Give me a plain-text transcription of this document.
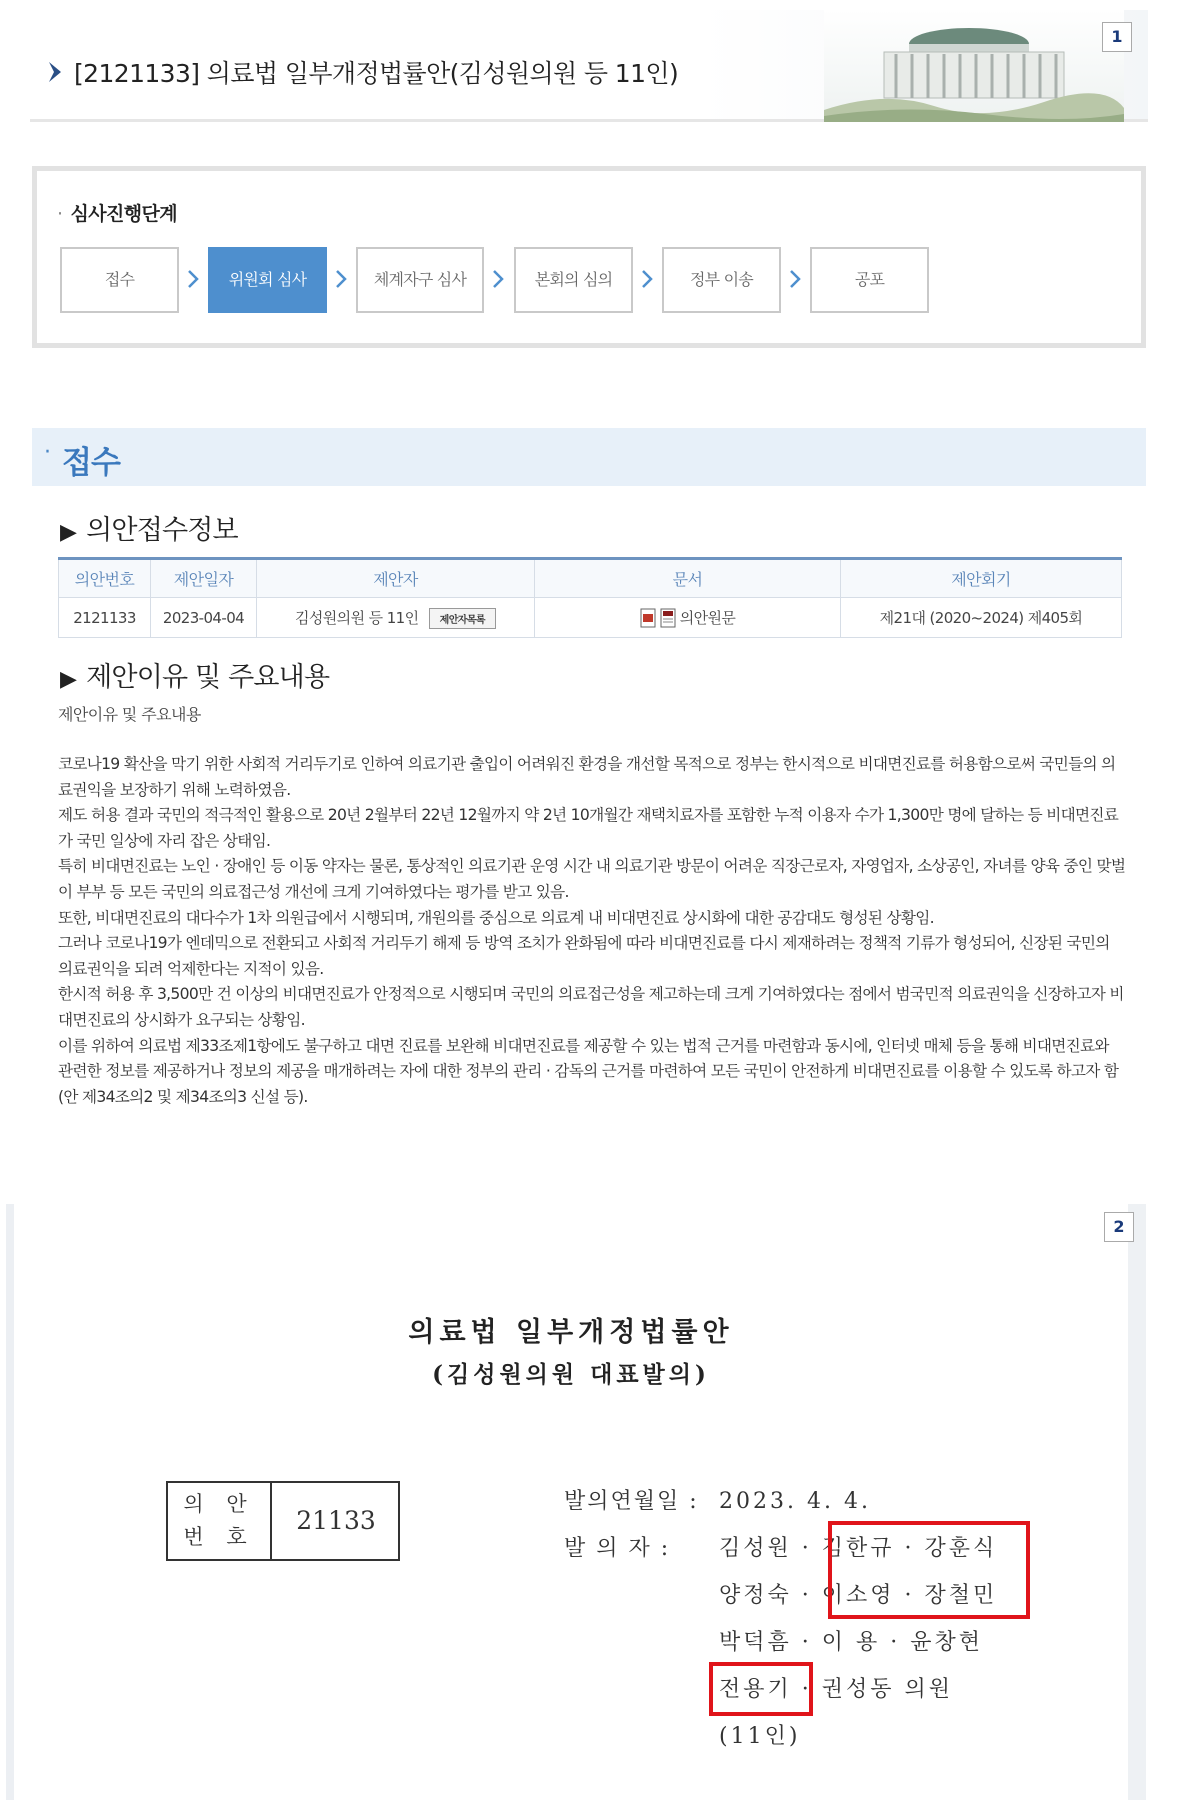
[2121133] 의료법 일부개정법률안(김성원의원 등 11인)
1
· 심사진행단계
접수	위원회 심사	체계자구 심사	본회의 심의	정부 이송	공포
· 접수
▶ 의안접수정보
의안번호	제안일자	제안자	문서	제안회기
2121133	2023-04-04	김성원의원 등 11인 제안자목록	의안원문	제21대 (2020~2024) 제405회
▶ 제안이유 및 주요내용
제안이유 및 주요내용

코로나19 확산을 막기 위한 사회적 거리두기로 인하여 의료기관 출입이 어려워진 환경을 개선할 목적으로 정부는 한시적으로 비대면진료를 허용함으로써 국민들의 의료권익을 보장하기 위해 노력하였음.

제도 허용 결과 국민의 적극적인 활용으로 20년 2월부터 22년 12월까지 약 2년 10개월간 재택치료자를 포함한 누적 이용자 수가 1,300만 명에 달하는 등 비대면진료가 국민 일상에 자리 잡은 상태임.

특히 비대면진료는 노인 · 장애인 등 이동 약자는 물론, 통상적인 의료기관 운영 시간 내 의료기관 방문이 어려운 직장근로자, 자영업자, 소상공인, 자녀를 양육 중인 맞벌이 부부 등 모든 국민의 의료접근성 개선에 크게 기여하였다는 평가를 받고 있음.

또한, 비대면진료의 대다수가 1차 의원급에서 시행되며, 개원의를 중심으로 의료계 내 비대면진료 상시화에 대한 공감대도 형성된 상황임.

그러나 코로나19가 엔데믹으로 전환되고 사회적 거리두기 해제 등 방역 조치가 완화됨에 따라 비대면진료를 다시 제재하려는 정책적 기류가 형성되어, 신장된 국민의 의료권익을 되려 억제한다는 지적이 있음.

한시적 허용 후 3,500만 건 이상의 비대면진료가 안정적으로 시행되며 국민의 의료접근성을 제고하는데 크게 기여하였다는 점에서 범국민적 의료권익을 신장하고자 비대면진료의 상시화가 요구되는 상황임.

이를 위하여 의료법 제33조제1항에도 불구하고 대면 진료를 보완해 비대면진료를 제공할 수 있는 법적 근거를 마련함과 동시에, 인터넷 매체 등을 통해 비대면진료와 관련한 정보를 제공하거나 정보의 제공을 매개하려는 자에 대한 정부의 관리 · 감독의 근거를 마련하여 모든 국민이 안전하게 비대면진료를 이용할 수 있도록 하고자 함(안 제34조의2 및 제34조의3 신설 등).

2
의료법 일부개정법률안
(김성원의원 대표발의)
의 안
번 호
21133
발의연월일 : 2023. 4. 4.
발 의 자 : 김성원 · 김한규 · 강훈식
양정숙 · 이소영 · 장철민
박덕흠 · 이 용 · 윤창현
전용기 · 권성동 의원
(11인)
